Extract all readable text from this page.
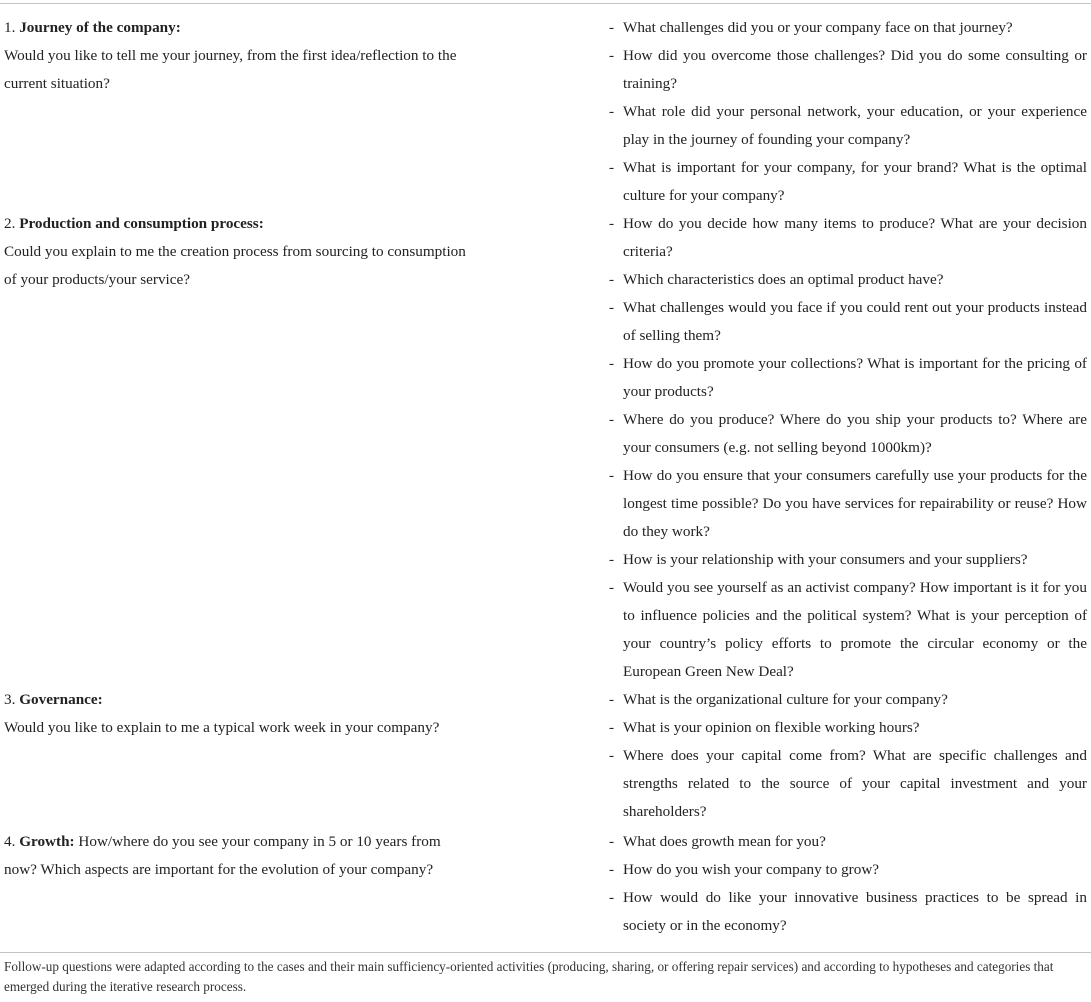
1. Journey of the company:
Would you like to tell me your journey, from the first idea/reflection to the current situation?
- What challenges did you or your company face on that journey?
- How did you overcome those challenges? Did you do some consulting or training?
- What role did your personal network, your education, or your experience play in the journey of founding your company?
- What is important for your company, for your brand? What is the optimal culture for your company?
2. Production and consumption process:
Could you explain to me the creation process from sourcing to consumption of your products/your service?
- How do you decide how many items to produce? What are your decision criteria?
- Which characteristics does an optimal product have?
- What challenges would you face if you could rent out your products instead of selling them?
- How do you promote your collections? What is important for the pricing of your products?
- Where do you produce? Where do you ship your products to? Where are your consumers (e.g. not selling beyond 1000km)?
- How do you ensure that your consumers carefully use your products for the longest time possible? Do you have services for repairability or reuse? How do they work?
- How is your relationship with your consumers and your suppliers?
- Would you see yourself as an activist company? How important is it for you to influence policies and the political system? What is your perception of your country’s policy efforts to promote the circular economy or the European Green New Deal?
3. Governance:
Would you like to explain to me a typical work week in your company?
- What is the organizational culture for your company?
- What is your opinion on flexible working hours?
- Where does your capital come from? What are specific challenges and strengths related to the source of your capital investment and your shareholders?
4. Growth: How/where do you see your company in 5 or 10 years from now? Which aspects are important for the evolution of your company?
- What does growth mean for you?
- How do you wish your company to grow?
- How would do like your innovative business practices to be spread in society or in the economy?
Follow-up questions were adapted according to the cases and their main sufficiency-oriented activities (producing, sharing, or offering repair services) and according to hypotheses and categories that emerged during the iterative research process.
